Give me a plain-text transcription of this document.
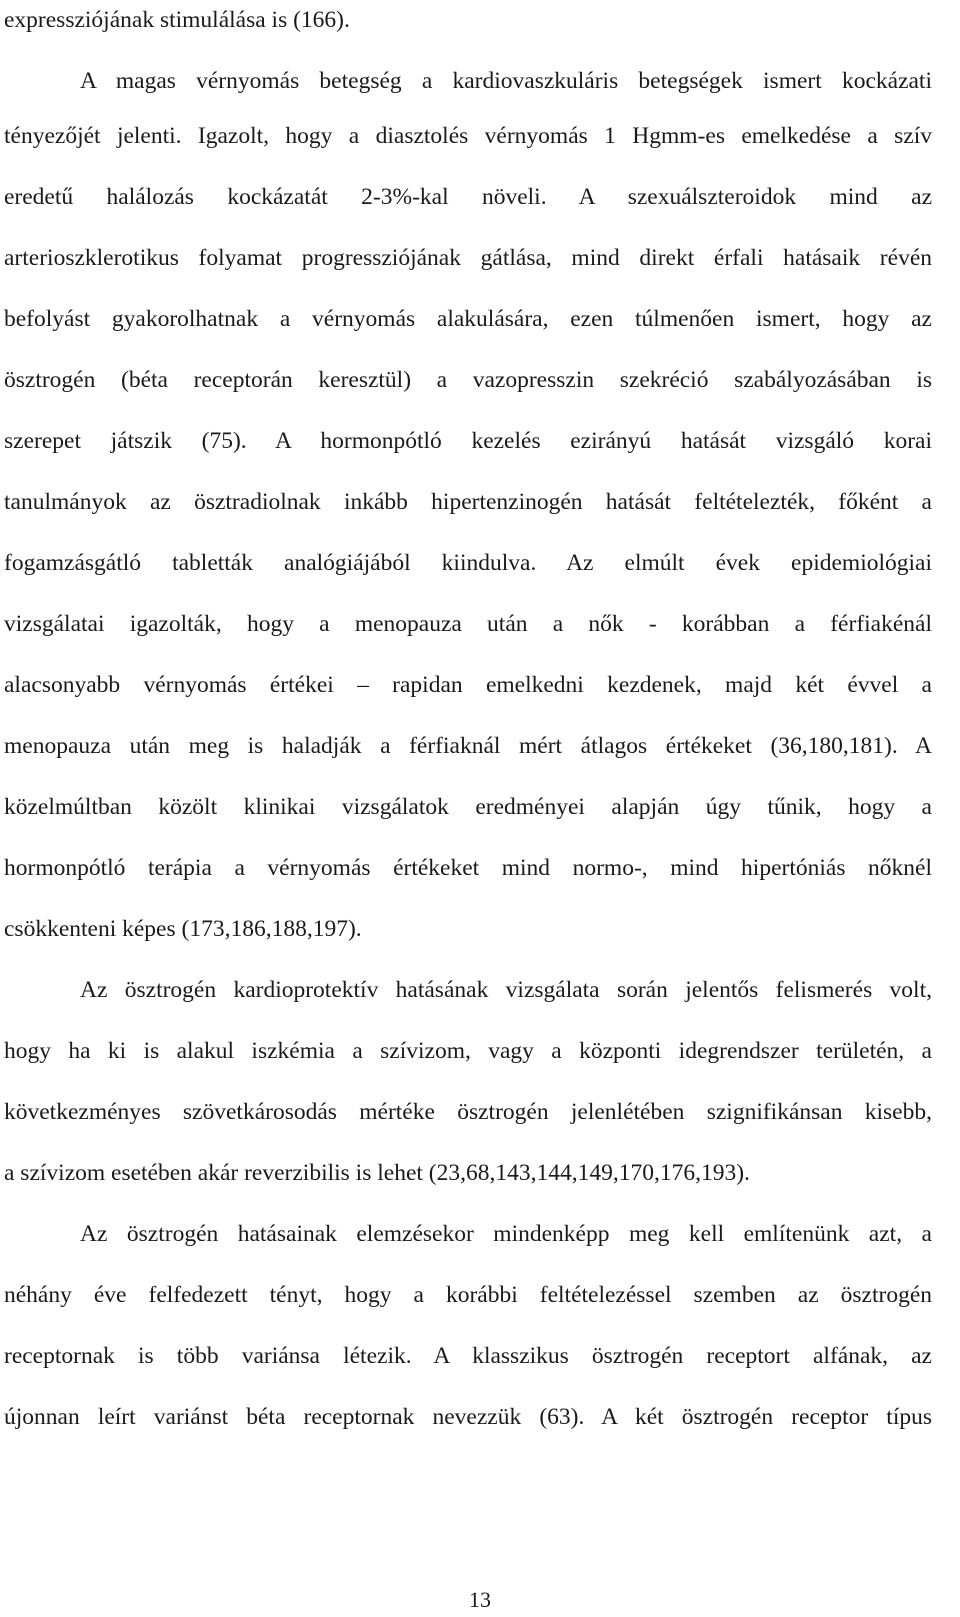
expressziójának stimulálása is (166).
A magas vérnyomás betegség a kardiovaszkuláris betegségek ismert kockázati
tényezőjét jelenti. Igazolt, hogy a diasztolés vérnyomás 1 Hgmm-es emelkedése a szív
eredetű halálozás kockázatát 2-3%-kal növeli. A szexuálszteroidok mind az
arterioszklerotikus folyamat progressziójának gátlása, mind direkt érfali hatásaik révén
befolyást gyakorolhatnak a vérnyomás alakulására, ezen túlmenően ismert, hogy az
ösztrogén (béta receptorán keresztül) a vazopresszin szekréció szabályozásában is
szerepet játszik (75). A hormonpótló kezelés ezirányú hatását vizsgáló korai
tanulmányok az ösztradiolnak inkább hipertenzinogén hatását feltételezték, főként a
fogamzásgátló tabletták analógiájából kiindulva. Az elmúlt évek epidemiológiai
vizsgálatai igazolták, hogy a menopauza után a nők - korábban a férfiakénál
alacsonyabb vérnyomás értékei – rapidan emelkedni kezdenek, majd két évvel a
menopauza után meg is haladják a férfiaknál mért átlagos értékeket (36,180,181). A
közelmúltban közölt klinikai vizsgálatok eredményei alapján úgy tűnik, hogy a
hormonpótló terápia a vérnyomás értékeket mind normo-, mind hipertóniás nőknél
csökkenteni képes (173,186,188,197).
Az ösztrogén kardioprotektív hatásának vizsgálata során jelentős felismerés volt,
hogy ha ki is alakul iszkémia a szívizom, vagy a központi idegrendszer területén, a
következményes szövetkárosodás mértéke ösztrogén jelenlétében szignifikánsan kisebb,
a szívizom esetében akár reverzibilis is lehet (23,68,143,144,149,170,176,193).
Az ösztrogén hatásainak elemzésekor mindenképp meg kell említenünk azt, a
néhány éve felfedezett tényt, hogy a korábbi feltételezéssel szemben az ösztrogén
receptornak is több variánsa létezik. A klasszikus ösztrogén receptort alfának, az
újonnan leírt variánst béta receptornak nevezzük (63). A két ösztrogén receptor típus
13
